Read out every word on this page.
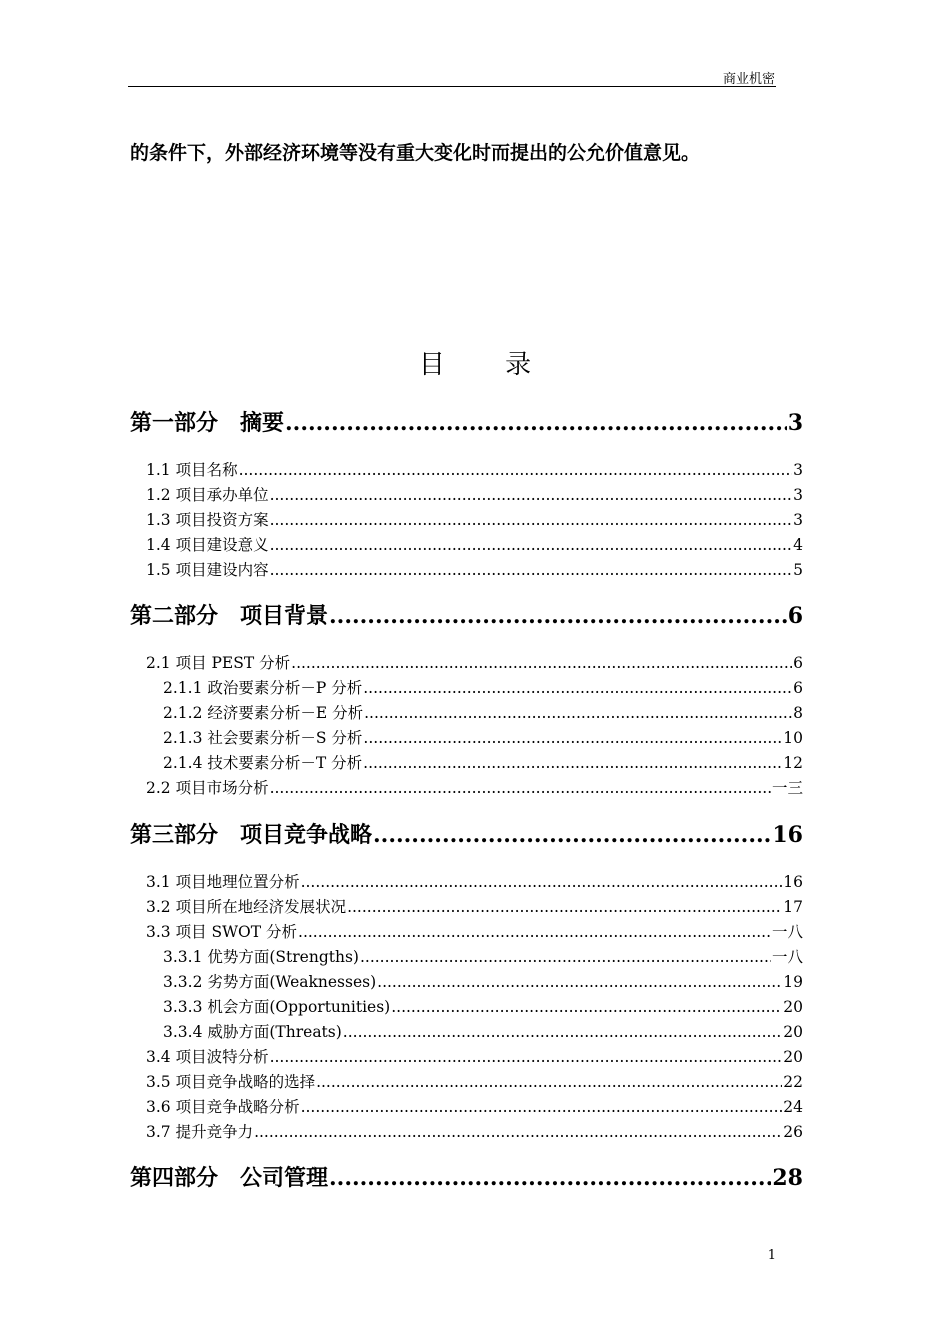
商业机密
的条件下，外部经济环境等没有重大变化时而提出的公允价值意见。
目 录
第一部分　摘要 .....	3
1.1 项目名称 .....	3
1.2 项目承办单位 .....	3
1.3 项目投资方案 .....	3
1.4 项目建设意义 .....	4
1.5 项目建设内容 .....	5
第二部分　项目背景 .....	6
2.1 项目 PEST 分析 .....	6
2.1.1 政治要素分析－P 分析 .....	6
2.1.2 经济要素分析－E 分析 .....	8
2.1.3 社会要素分析－S 分析 .....	10
2.1.4 技术要素分析－T 分析 .....	12
2.2 项目市场分析 .....	一三
第三部分　项目竞争战略 .....	16
3.1 项目地理位置分析 .....	16
3.2 项目所在地经济发展状况 .....	17
3.3 项目 SWOT 分析 .....	一八
3.3.1 优势方面(Strengths) .....	一八
3.3.2 劣势方面(Weaknesses) .....	19
3.3.3 机会方面(Opportunities) .....	20
3.3.4 威胁方面(Threats) .....	20
3.4 项目波特分析 .....	20
3.5 项目竞争战略的选择 .....	22
3.6 项目竞争战略分析 .....	24
3.7 提升竞争力 .....	26
第四部分　公司管理 .....	28
1
